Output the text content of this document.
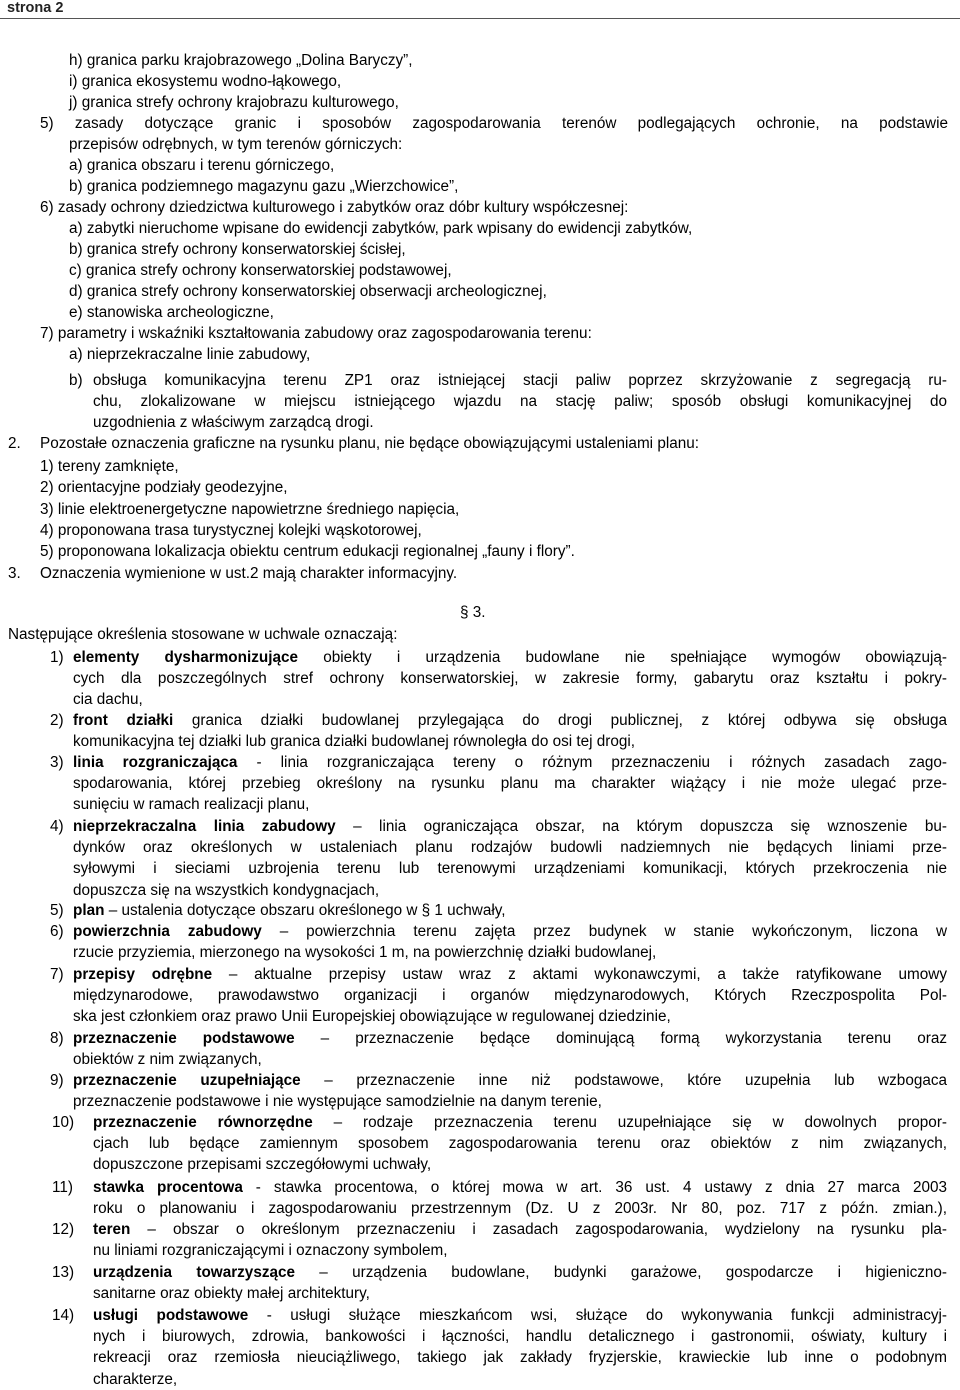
strona 2
h) granica parku krajobrazowego „Dolina Baryczy”,
i) granica ekosystemu wodno-łąkowego,
j) granica strefy ochrony krajobrazu kulturowego,
5) zasady dotyczące granic i sposobów zagospodarowania terenów podlegających ochronie, na podstawie
przepisów odrębnych, w tym terenów górniczych:
a) granica obszaru i terenu górniczego,
b) granica podziemnego magazynu gazu „Wierzchowice”,
6) zasady ochrony dziedzictwa kulturowego i zabytków oraz dóbr kultury współczesnej:
a) zabytki nieruchome wpisane do ewidencji zabytków, park wpisany do ewidencji zabytków,
b) granica strefy ochrony konserwatorskiej ścisłej,
c) granica strefy ochrony konserwatorskiej podstawowej,
d) granica strefy ochrony konserwatorskiej obserwacji archeologicznej,
e) stanowiska archeologiczne,
7) parametry i wskaźniki kształtowania zabudowy oraz zagospodarowania terenu:
a) nieprzekraczalne linie zabudowy,
b) obsługa komunikacyjna terenu ZP1 oraz istniejącej stacji paliw poprzez skrzyżowanie z segregacją ru-
chu, zlokalizowane w miejscu istniejącego wjazdu na stację paliw; sposób obsługi komunikacyjnej do
uzgodnienia z właściwym zarządcą drogi.
2. Pozostałe oznaczenia graficzne na rysunku planu, nie będące obowiązującymi ustaleniami planu:
1) tereny zamknięte,
2) orientacyjne podziały geodezyjne,
3) linie elektroenergetyczne napowietrzne średniego napięcia,
4) proponowana trasa turystycznej kolejki wąskotorowej,
5) proponowana lokalizacja obiektu centrum edukacji regionalnej „fauny i flory”.
3. Oznaczenia wymienione w ust.2 mają charakter informacyjny.
§ 3.
Następujące określenia stosowane w uchwale oznaczają:
1) elementy dysharmonizujące obiekty i urządzenia budowlane nie spełniające wymogów obowiązują-
cych dla poszczególnych stref ochrony konserwatorskiej, w zakresie formy, gabarytu oraz kształtu i pokry-
cia dachu,
2) front działki granica działki budowlanej przylegająca do drogi publicznej, z której odbywa się obsługa
komunikacyjna tej działki lub granica działki budowlanej równoległa do osi tej drogi,
3) linia rozgraniczająca - linia rozgraniczająca tereny o różnym przeznaczeniu i różnych zasadach zago-
spodarowania, której przebieg określony na rysunku planu ma charakter wiążący i nie może ulegać prze-
sunięciu w ramach realizacji planu,
4) nieprzekraczalna linia zabudowy – linia ograniczająca obszar, na którym dopuszcza się wznoszenie bu-
dynków oraz określonych w ustaleniach planu rodzajów budowli nadziemnych nie będących liniami prze-
syłowymi i sieciami uzbrojenia terenu lub terenowymi urządzeniami komunikacji, których przekroczenia nie
dopuszcza się na wszystkich kondygnacjach,
5) plan – ustalenia dotyczące obszaru określonego w § 1 uchwały,
6) powierzchnia zabudowy – powierzchnia terenu zajęta przez budynek w stanie wykończonym, liczona w
rzucie przyziemia, mierzonego na wysokości 1 m, na powierzchnię działki budowlanej,
7) przepisy odrębne – aktualne przepisy ustaw wraz z aktami wykonawczymi, a także ratyfikowane umowy
międzynarodowe, prawodawstwo organizacji i organów międzynarodowych, Których Rzeczpospolita Pol-
ska jest członkiem oraz prawo Unii Europejskiej obowiązujące w regulowanej dziedzinie,
8) przeznaczenie podstawowe – przeznaczenie będące dominującą formą wykorzystania terenu oraz
obiektów z nim związanych,
9) przeznaczenie uzupełniające – przeznaczenie inne niż podstawowe, które uzupełnia lub wzbogaca
przeznaczenie podstawowe i nie występujące samodzielnie na danym terenie,
10) przeznaczenie równorzędne – rodzaje przeznaczenia terenu uzupełniające się w dowolnych propor-
cjach lub będące zamiennym sposobem zagospodarowania terenu oraz obiektów z nim związanych,
dopuszczone przepisami szczegółowymi uchwały,
11) stawka procentowa - stawka procentowa, o której mowa w art. 36 ust. 4 ustawy z dnia 27 marca 2003
roku o planowaniu i zagospodarowaniu przestrzennym (Dz. U z 2003r. Nr 80, poz. 717 z późn. zmian.),
12) teren – obszar o określonym przeznaczeniu i zasadach zagospodarowania, wydzielony na rysunku pla-
nu liniami rozgraniczającymi i oznaczony symbolem,
13) urządzenia towarzyszące – urządzenia budowlane, budynki garażowe, gospodarcze i higieniczno-
sanitarne oraz obiekty małej architektury,
14) usługi podstawowe - usługi służące mieszkańcom wsi, służące do wykonywania funkcji administracyj-
nych i biurowych, zdrowia, bankowości i łączności, handlu detalicznego i gastronomii, oświaty, kultury i
rekreacji oraz rzemiosła nieuciążliwego, takiego jak zakłady fryzjerskie, krawieckie lub inne o podobnym
charakterze,
